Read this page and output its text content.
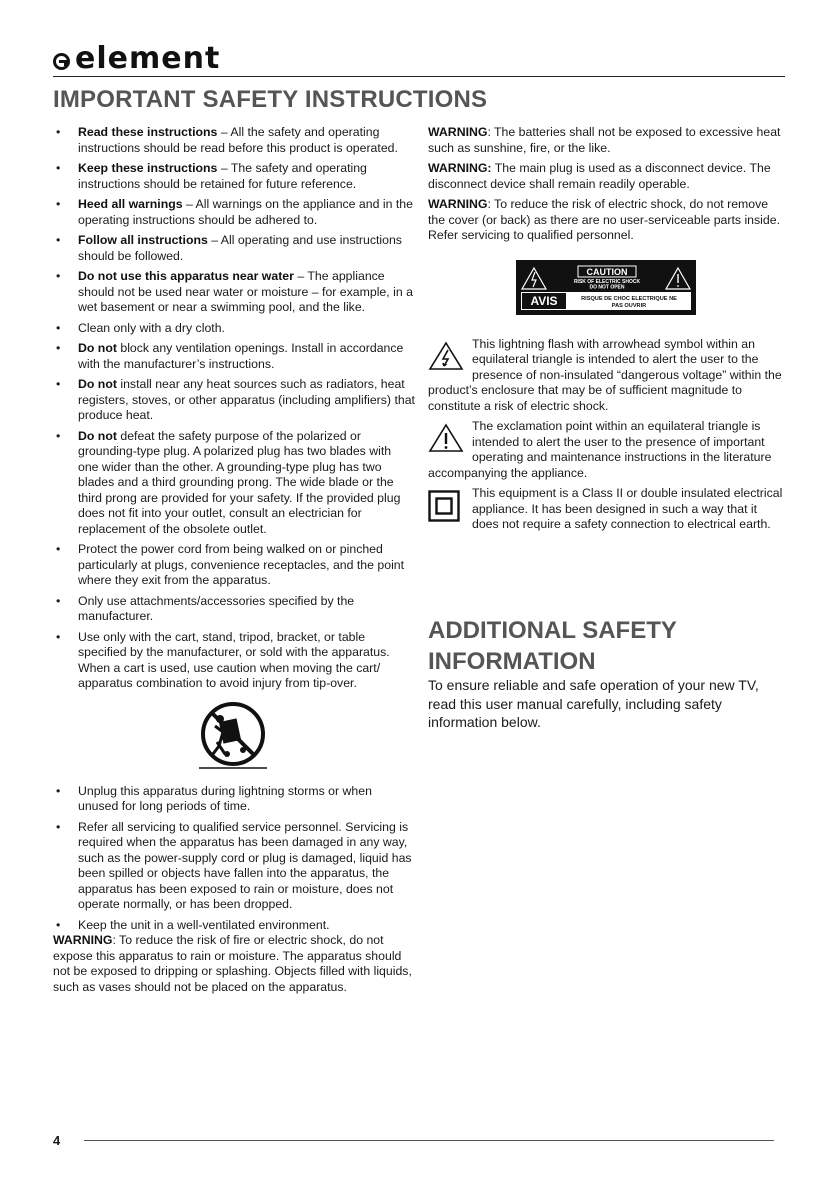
element
IMPORTANT SAFETY INSTRUCTIONS
• Read these instructions – All the safety and operating instructions should be read before this product is operated.
• Keep these instructions – The safety and operating instructions should be retained for future reference.
• Heed all warnings – All warnings on the appliance and in the operating instructions should be adhered to.
• Follow all instructions – All operating and use instructions should be followed.
• Do not use this apparatus near water – The appliance should not be used near water or moisture – for example, in a wet basement or near a swimming pool, and the like.
• Clean only with a dry cloth.
• Do not block any ventilation openings. Install in accordance with the manufacturer’s instructions.
• Do not install near any heat sources such as radiators, heat registers, stoves, or other apparatus (including amplifiers) that produce heat.
• Do not defeat the safety purpose of the polarized or grounding-type plug. A polarized plug has two blades with one wider than the other. A grounding-type plug has two blades and a third grounding prong. The wide blade or the third prong are provided for your safety. If the provided plug does not fit into your outlet, consult an electrician for replacement of the obsolete outlet.
• Protect the power cord from being walked on or pinched particularly at plugs, convenience receptacles, and the point where they exit from the apparatus.
• Only use attachments/accessories specified by the manufacturer.
• Use only with the cart, stand, tripod, bracket, or table specified by the manufacturer, or sold with the apparatus. When a cart is used, use caution when moving the cart/ apparatus combination to avoid injury from tip-over.
• Unplug this apparatus during lightning storms or when unused for long periods of time.
• Refer all servicing to qualified service personnel. Servicing is required when the apparatus has been damaged in any way, such as the power-supply cord or plug is damaged, liquid has been spilled or objects have fallen into the apparatus, the apparatus has been exposed to rain or moisture, does not operate normally, or has been dropped.
• Keep the unit in a well-ventilated environment.

WARNING: To reduce the risk of fire or electric shock, do not expose this apparatus to rain or moisture. The apparatus should not be exposed to dripping or splashing. Objects filled with liquids, such as vases should not be placed on the apparatus.

WARNING: The batteries shall not be exposed to excessive heat such as sunshine, fire, or the like.

WARNING: The main plug is used as a disconnect device. The disconnect device shall remain readily operable.

WARNING: To reduce the risk of electric shock, do not remove the cover (or back) as there are no user-serviceable parts inside. Refer servicing to qualified personnel.

CAUTION
RISK OF ELECTRIC SHOCK
DO NOT OPEN
AVIS	RISQUE DE CHOC ELECTRIQUE NE
PAS OUVRIR

This lightning flash with arrowhead symbol within an equilateral triangle is intended to alert the user to the presence of non-insulated “dangerous voltage” within the product’s enclosure that may be of sufficient magnitude to constitute a risk of electric shock.

The exclamation point within an equilateral triangle is intended to alert the user to the presence of important operating and maintenance instructions in the literature accompanying the appliance.

This equipment is a Class II or double insulated electrical appliance. It has been designed in such a way that it does not require a safety connection to electrical earth.

ADDITIONAL SAFETY
INFORMATION
To ensure reliable and safe operation of your new TV, read this user manual carefully, including safety information below.
4
